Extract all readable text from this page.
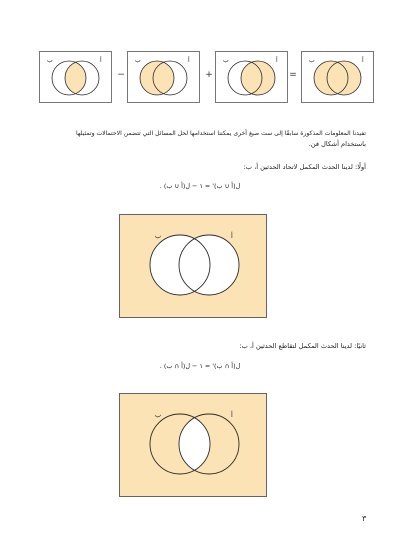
ب	أ
−
ب	أ
+
ب	أ
=
ب	أ
تفيدنا المعلومات المذكورة سابقًا إلى ست صيغ أخرى يمكننا استخدامها لحل المسائل التي تتضمن الاحتمالات وتمثيلها
باستخدام أشكال فن.
أولًا: لدينا الحدث المكمل لاتحاد الحدثين أ، ب:
ل(أ ∪ ب)' = ١ − ل(أ ∪ ب) .
ب	أ
ثانيًا: لدينا الحدث المكمل لتقاطع الحدثين أ، ب:
ل(أ ∩ ب)' = ١ − ل(أ ∩ ب) .
ب	أ
٣
